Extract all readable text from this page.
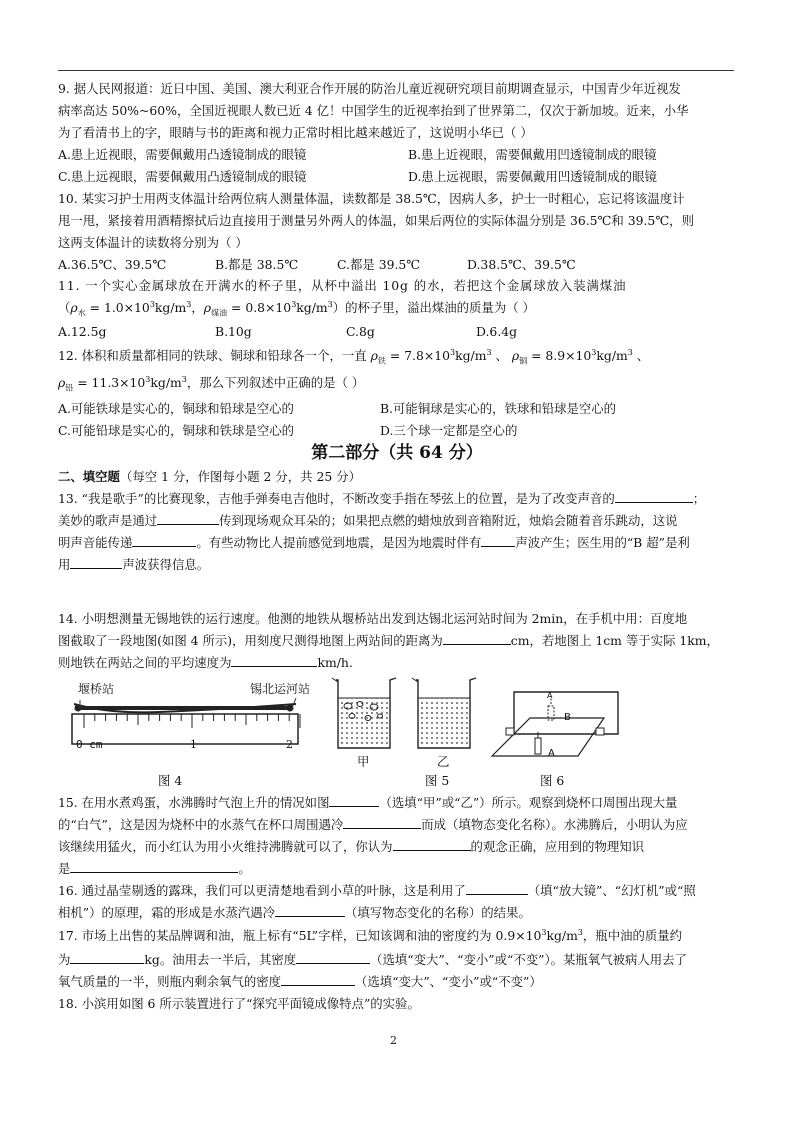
9. 据人民网报道：近日中国、美国、澳大利亚合作开展的防治儿童近视研究项目前期调查显示，中国青少年近视发
病率高达 50%~60%，全国近视眼人数已近 4 亿！中国学生的近视率抬到了世界第二，仅次于新加坡。近来，小华
为了看清书上的字，眼睛与书的距离和视力正常时相比越来越近了，这说明小华已（ ）
A.患上近视眼，需要佩戴用凸透镜制成的眼镜	B.患上近视眼，需要佩戴用凹透镜制成的眼镜
C.患上远视眼，需要佩戴用凸透镜制成的眼镜	D.患上远视眼，需要佩戴用凹透镜制成的眼镜
10. 某实习护士用两支体温计给两位病人测量体温，读数都是 38.5℃，因病人多，护士一时粗心，忘记将该温度计
甩一甩，紧接着用酒精擦拭后边直接用于测量另外两人的体温，如果后两位的实际体温分别是 36.5℃和 39.5℃，则
这两支体温计的读数将分别为（ ）
A.36.5℃、39.5℃	B.都是 38.5℃	C.都是 39.5℃	D.38.5℃、39.5℃
11. 一个实心金属球放在开满水的杯子里，从杯中溢出 10g 的水，若把这个金属球放入装满煤油
（$\rho_水 = 1.0\times 10^3kg/m^3$，$\rho_{煤油} = 0.8\times 10^3kg/m^3$）的杯子里，溢出煤油的质量为（ ）
A.12.5g	B.10g	C.8g	D.6.4g
12. 体积和质量都相同的铁球、铜球和铅球各一个，一直 $\rho_铁 = 7.8\times 10^3kg/m^3$ 、 $\rho_铜 = 8.9\times 10^3kg/m^3$ 、
$\rho_铅 = 11.3\times 10^3kg/m^3$，那么下列叙述中正确的是（ ）
A.可能铁球是实心的，铜球和铅球是空心的	B.可能铜球是实心的，铁球和铅球是空心的
C.可能铅球是实心的，铜球和铁球是空心的	D.三个球一定都是空心的
第二部分（共 64 分）
二、填空题（每空 1 分，作图每小题 2 分，共 25 分）
13. “我是歌手”的比赛现象，吉他手弹奏电吉他时，不断改变手指在琴弦上的位置，是为了改变声音的	；
美妙的歌声是通过	传到现场观众耳朵的；如果把点燃的蜡烛放到音箱附近，烛焰会随着音乐跳动，这说
明声音能传递	。有些动物比人提前感觉到地震，是因为地震时伴有	声波产生；医生用的“B 超”是利
用	声波获得信息。
14. 小明想测量无锡地铁的运行速度。他测的地铁从堰桥站出发到达锡北运河站时间为 2min，在手机中用：百度地
图截取了一段地图(如图 4 所示)，用刻度尺测得地图上两站间的距离为	cm，若地图上 1cm 等于实际 1km，
则地铁在两站之间的平均速度为	km/h.
堰桥站	锡北运河站
0 cm	1	2
图 4
甲	乙
图 5
A
B
A
图 6
15. 在用水煮鸡蛋，水沸腾时气泡上升的情况如图	（选填“甲”或“乙”）所示。观察到烧杯口周围出现大量
的“白气”，这是因为烧杯中的水蒸气在杯口周围遇冷	而成（填物态变化名称）。水沸腾后，小明认为应
该继续用猛火，而小红认为用小火维持沸腾就可以了，你认为	的观念正确，应用到的物理知识
是	。
16. 通过晶莹剔透的露珠，我们可以更清楚地看到小草的叶脉，这是利用了	（填“放大镜”、“幻灯机”或“照
相机”）的原理，霜的形成是水蒸汽遇冷	（填写物态变化的名称）的结果。
17. 市场上出售的某品牌调和油，瓶上标有“5L”字样，已知该调和油的密度约为 $0.9\times 10^3kg/m^3$，瓶中油的质量约
为	kg。油用去一半后，其密度	（选填“变大”、“变小”或“不变”）。某瓶氧气被病人用去了
氧气质量的一半，则瓶内剩余氧气的密度	（选填“变大”、“变小”或“不变”）
18. 小滨用如图 6 所示装置进行了“探究平面镜成像特点”的实验。
2
